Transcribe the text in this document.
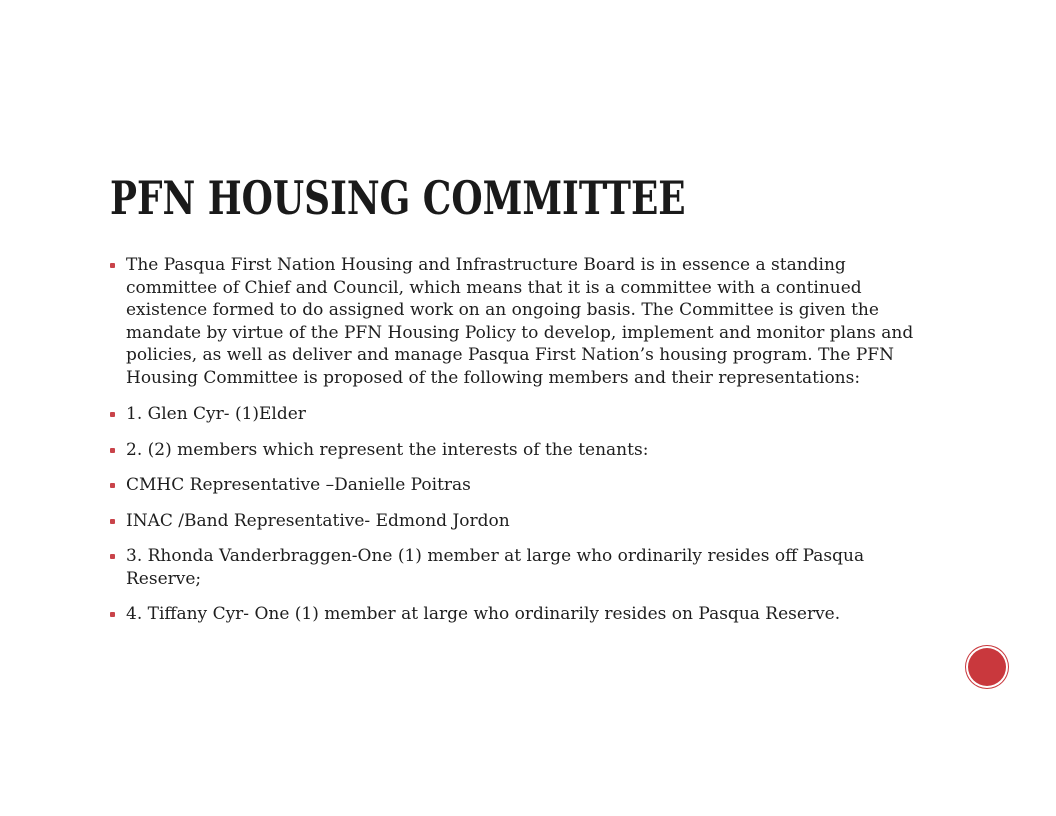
PFN HOUSING COMMITTEE
The Pasqua First Nation Housing and Infrastructure Board is in essence a standing committee of Chief and Council, which means that it is a committee with a continued existence formed to do assigned work on an ongoing basis. The Committee is given the mandate by virtue of the PFN Housing Policy to develop, implement and monitor plans and policies, as well as deliver and manage Pasqua First Nation’s housing program. The PFN Housing Committee is proposed of the following members and their representations:
1. Glen Cyr- (1)Elder
2. (2) members which represent the interests of the tenants:
CMHC Representative –Danielle Poitras
INAC /Band Representative- Edmond Jordon
3. Rhonda Vanderbraggen-One (1) member at large who ordinarily resides off Pasqua Reserve;
4. Tiffany Cyr- One (1) member at large who ordinarily resides on Pasqua Reserve.
